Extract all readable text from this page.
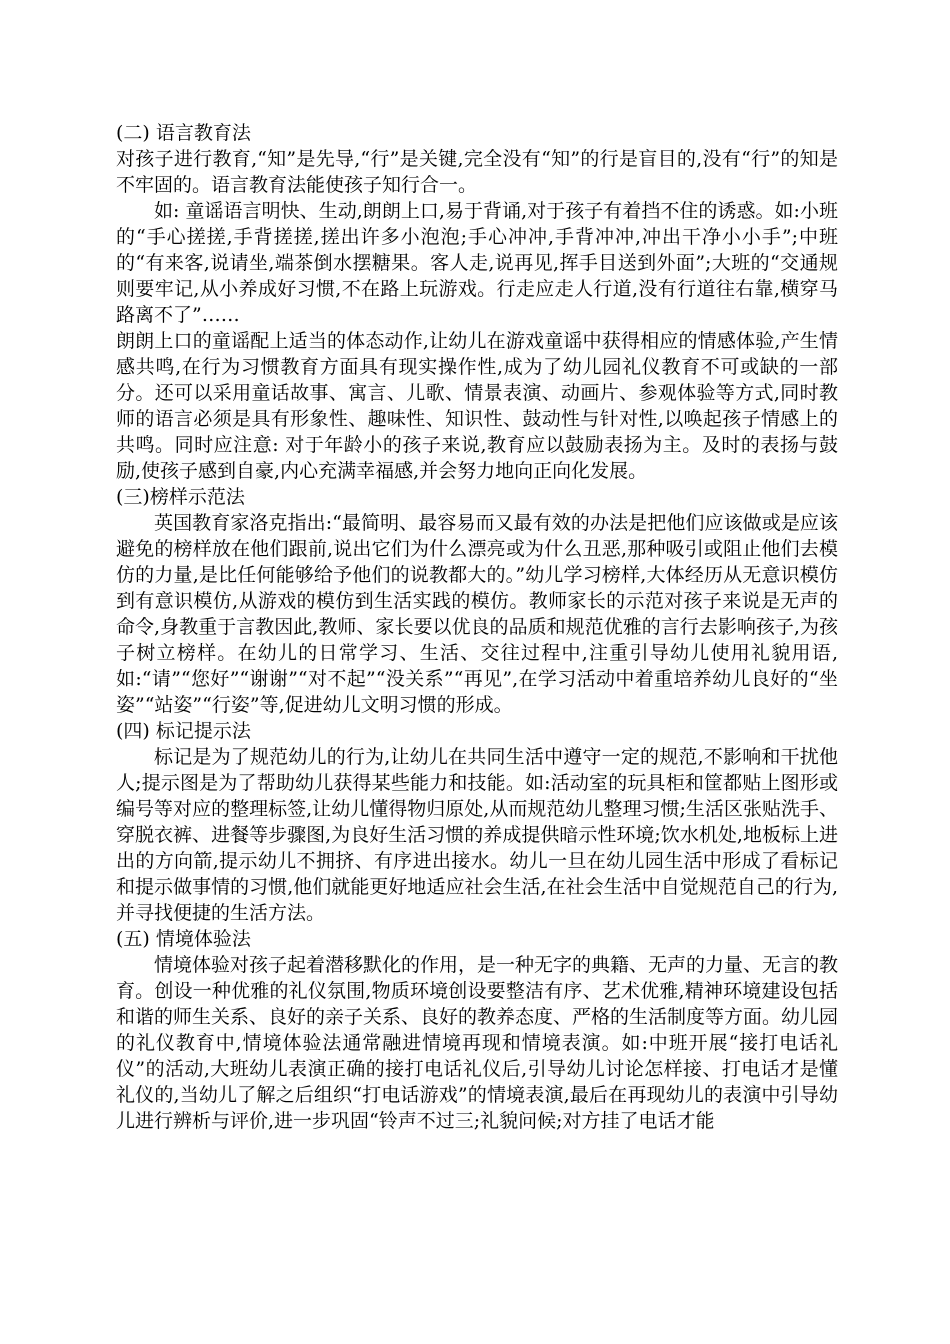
(二) 语言教育法

对孩子进行教育,“知”是先导,“行”是关键,完全没有“知”的行是盲目的,没有“行”的知是不牢固的。语言教育法能使孩子知行合一。

如: 童谣语言明快、生动,朗朗上口,易于背诵,对于孩子有着挡不住的诱惑。如:小班的“手心搓搓,手背搓搓,搓出许多小泡泡;手心冲冲,手背冲冲,冲出干净小小手”;中班的“有来客,说请坐,端茶倒水摆糖果。客人走,说再见,挥手目送到外面”;大班的“交通规则要牢记,从小养成好习惯,不在路上玩游戏。行走应走人行道,没有行道往右靠,横穿马路离不了”……

朗朗上口的童谣配上适当的体态动作,让幼儿在游戏童谣中获得相应的情感体验,产生情感共鸣,在行为习惯教育方面具有现实操作性,成为了幼儿园礼仪教育不可或缺的一部分。还可以采用童话故事、寓言、儿歌、情景表演、动画片、参观体验等方式,同时教师的语言必须是具有形象性、趣味性、知识性、鼓动性与针对性,以唤起孩子情感上的共鸣。同时应注意: 对于年龄小的孩子来说,教育应以鼓励表扬为主。及时的表扬与鼓励,使孩子感到自豪,内心充满幸福感,并会努力地向正向化发展。

(三)榜样示范法

英国教育家洛克指出:“最简明、最容易而又最有效的办法是把他们应该做或是应该避免的榜样放在他们跟前,说出它们为什么漂亮或为什么丑恶,那种吸引或阻止他们去模仿的力量,是比任何能够给予他们的说教都大的。”幼儿学习榜样,大体经历从无意识模仿到有意识模仿,从游戏的模仿到生活实践的模仿。教师家长的示范对孩子来说是无声的命令,身教重于言教因此,教师、家长要以优良的品质和规范优雅的言行去影响孩子,为孩子树立榜样。在幼儿的日常学习、生活、交往过程中,注重引导幼儿使用礼貌用语,如:“请”“您好”“谢谢”“对不起”“没关系”“再见”,在学习活动中着重培养幼儿良好的“坐姿”“站姿”“行姿”等,促进幼儿文明习惯的形成。

(四) 标记提示法

标记是为了规范幼儿的行为,让幼儿在共同生活中遵守一定的规范,不影响和干扰他人;提示图是为了帮助幼儿获得某些能力和技能。如:活动室的玩具柜和筐都贴上图形或编号等对应的整理标签,让幼儿懂得物归原处,从而规范幼儿整理习惯;生活区张贴洗手、穿脱衣裤、进餐等步骤图,为良好生活习惯的养成提供暗示性环境;饮水机处,地板标上进出的方向箭,提示幼儿不拥挤、有序进出接水。幼儿一旦在幼儿园生活中形成了看标记和提示做事情的习惯,他们就能更好地适应社会生活,在社会生活中自觉规范自己的行为,并寻找便捷的生活方法。

(五) 情境体验法

情境体验对孩子起着潜移默化的作用，是一种无字的典籍、无声的力量、无言的教育。创设一种优雅的礼仪氛围,物质环境创设要整洁有序、艺术优雅,精神环境建设包括和谐的师生关系、良好的亲子关系、良好的教养态度、严格的生活制度等方面。幼儿园的礼仪教育中,情境体验法通常融进情境再现和情境表演。如:中班开展“接打电话礼仪”的活动,大班幼儿表演正确的接打电话礼仪后,引导幼儿讨论怎样接、打电话才是懂礼仪的,当幼儿了解之后组织“打电话游戏”的情境表演,最后在再现幼儿的表演中引导幼儿进行辨析与评价,进一步巩固“铃声不过三;礼貌问候;对方挂了电话才能
